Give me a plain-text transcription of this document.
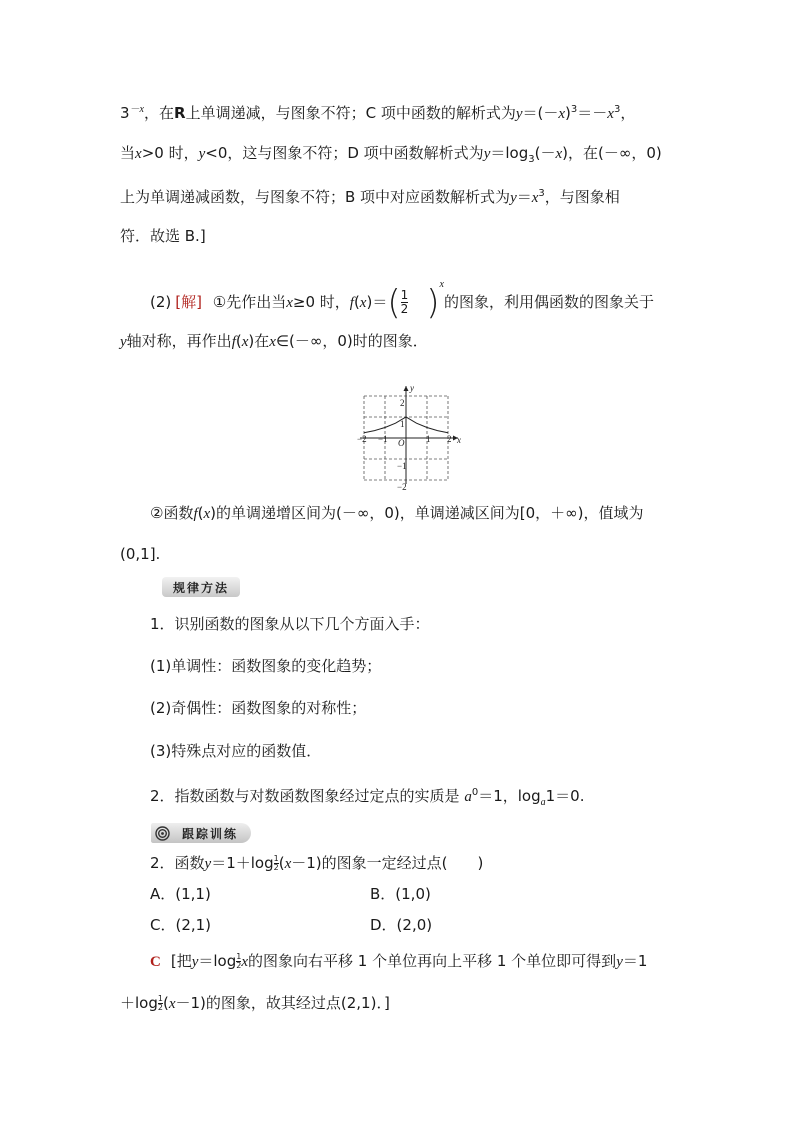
$3^{-x}$，在R上单调递减，与图象不符；C 项中函数的解析式为$y=(-x)^3=-x^3$，
当x>0 时，y<0，这与图象不符；D 项中函数解析式为$y=\log_3(-x)$，在(－∞，0)
上为单调递减函数，与图象不符；B 项中对应函数解析式为$y=x^3$，与图象相
符．故选 B.]
(2) [解] ①先作出当x≥0 时，$f(x)=( \frac{1}{2} )^x$的图象，利用偶函数的图象关于
y轴对称，再作出f(x)在x∈(－∞，0)时的图象．
x
y
O
−2 −1	1 2
2
1
−1
−2
②函数f(x)的单调递增区间为(－∞，0)，单调递减区间为[0，＋∞)，值域为
(0,1].
规律方法
1．识别函数的图象从以下几个方面入手：
(1)单调性：函数图象的变化趋势；
(2)奇偶性：函数图象的对称性；
(3)特殊点对应的函数值．
2．指数函数与对数函数图象经过定点的实质是 $a^0=1$，$\log_a1=0$.
跟踪训练
2．函数$y=1+\log \frac{1}{2} (x-1)$的图象一定经过点(　　)
A．(1,1)	B．(1,0)
C．(2,1)	D．(2,0)
C [把$y=\log \frac{1}{2}$ x的图象向右平移 1 个单位再向上平移 1 个单位即可得到y＝1
$+\log \frac{1}{2} (x-1)$的图象，故其经过点(2,1)．]
